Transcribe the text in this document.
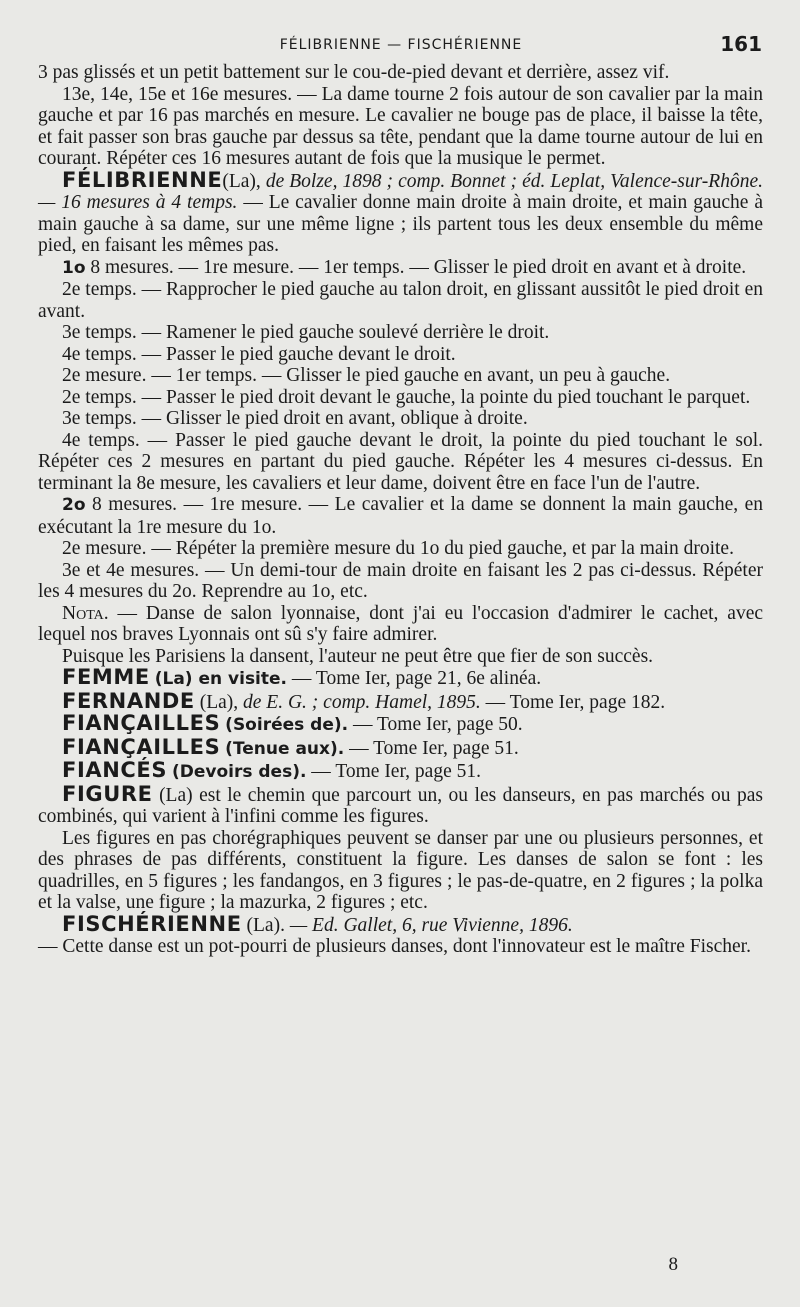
FÉLIBRIENNE — FISCHÉRIENNE	161

3 pas glissés et un petit battement sur le cou-de-pied devant et derrière, assez vif.

13e, 14e, 15e et 16e mesures. — La dame tourne 2 fois autour de son cavalier par la main gauche et par 16 pas marchés en mesure. Le cavalier ne bouge pas de place, il baisse la tête, et fait passer son bras gauche par dessus sa tête, pendant que la dame tourne autour de lui en courant. Répéter ces 16 mesures autant de fois que la musique le permet.

FÉLIBRIENNE(La), de Bolze, 1898 ; comp. Bonnet ; éd. Leplat, Valence-sur-Rhône. — 16 mesures à 4 temps. — Le cavalier donne main droite à main droite, et main gauche à main gauche à sa dame, sur une même ligne ; ils partent tous les deux ensemble du même pied, en faisant les mêmes pas.

1o 8 mesures. — 1re mesure. — 1er temps. — Glisser le pied droit en avant et à droite.

2e temps. — Rapprocher le pied gauche au talon droit, en glissant aussitôt le pied droit en avant.

3e temps. — Ramener le pied gauche soulevé derrière le droit.

4e temps. — Passer le pied gauche devant le droit.

2e mesure. — 1er temps. — Glisser le pied gauche en avant, un peu à gauche.

2e temps. — Passer le pied droit devant le gauche, la pointe du pied touchant le parquet.

3e temps. — Glisser le pied droit en avant, oblique à droite.

4e temps. — Passer le pied gauche devant le droit, la pointe du pied touchant le sol. Répéter ces 2 mesures en partant du pied gauche. Répéter les 4 mesures ci-dessus. En terminant la 8e mesure, les cavaliers et leur dame, doivent être en face l'un de l'autre.

2o 8 mesures. — 1re mesure. — Le cavalier et la dame se donnent la main gauche, en exécutant la 1re mesure du 1o.

2e mesure. — Répéter la première mesure du 1o du pied gauche, et par la main droite.

3e et 4e mesures. — Un demi-tour de main droite en faisant les 2 pas ci-dessus. Répéter les 4 mesures du 2o. Reprendre au 1o, etc.

Nota. — Danse de salon lyonnaise, dont j'ai eu l'occasion d'admirer le cachet, avec lequel nos braves Lyonnais ont sû s'y faire admirer.

Puisque les Parisiens la dansent, l'auteur ne peut être que fier de son succès.

FEMME (La) en visite. — Tome Ier, page 21, 6e alinéa.

FERNANDE (La), de E. G. ; comp. Hamel, 1895. — Tome Ier, page 182.

FIANÇAILLES (Soirées de). — Tome Ier, page 50.

FIANÇAILLES (Tenue aux). — Tome Ier, page 51.

FIANCÉS (Devoirs des). — Tome Ier, page 51.

FIGURE (La) est le chemin que parcourt un, ou les danseurs, en pas marchés ou pas combinés, qui varient à l'infini comme les figures.

Les figures en pas chorégraphiques peuvent se danser par une ou plusieurs personnes, et des phrases de pas différents, constituent la figure. Les danses de salon se font : les quadrilles, en 5 figures ; les fandangos, en 3 figures ; le pas-de-quatre, en 2 figures ; la polka et la valse, une figure ; la mazurka, 2 figures ; etc.

FISCHÉRIENNE (La). — Ed. Gallet, 6, rue Vivienne, 1896.

— Cette danse est un pot-pourri de plusieurs danses, dont l'innovateur est le maître Fischer.

8
